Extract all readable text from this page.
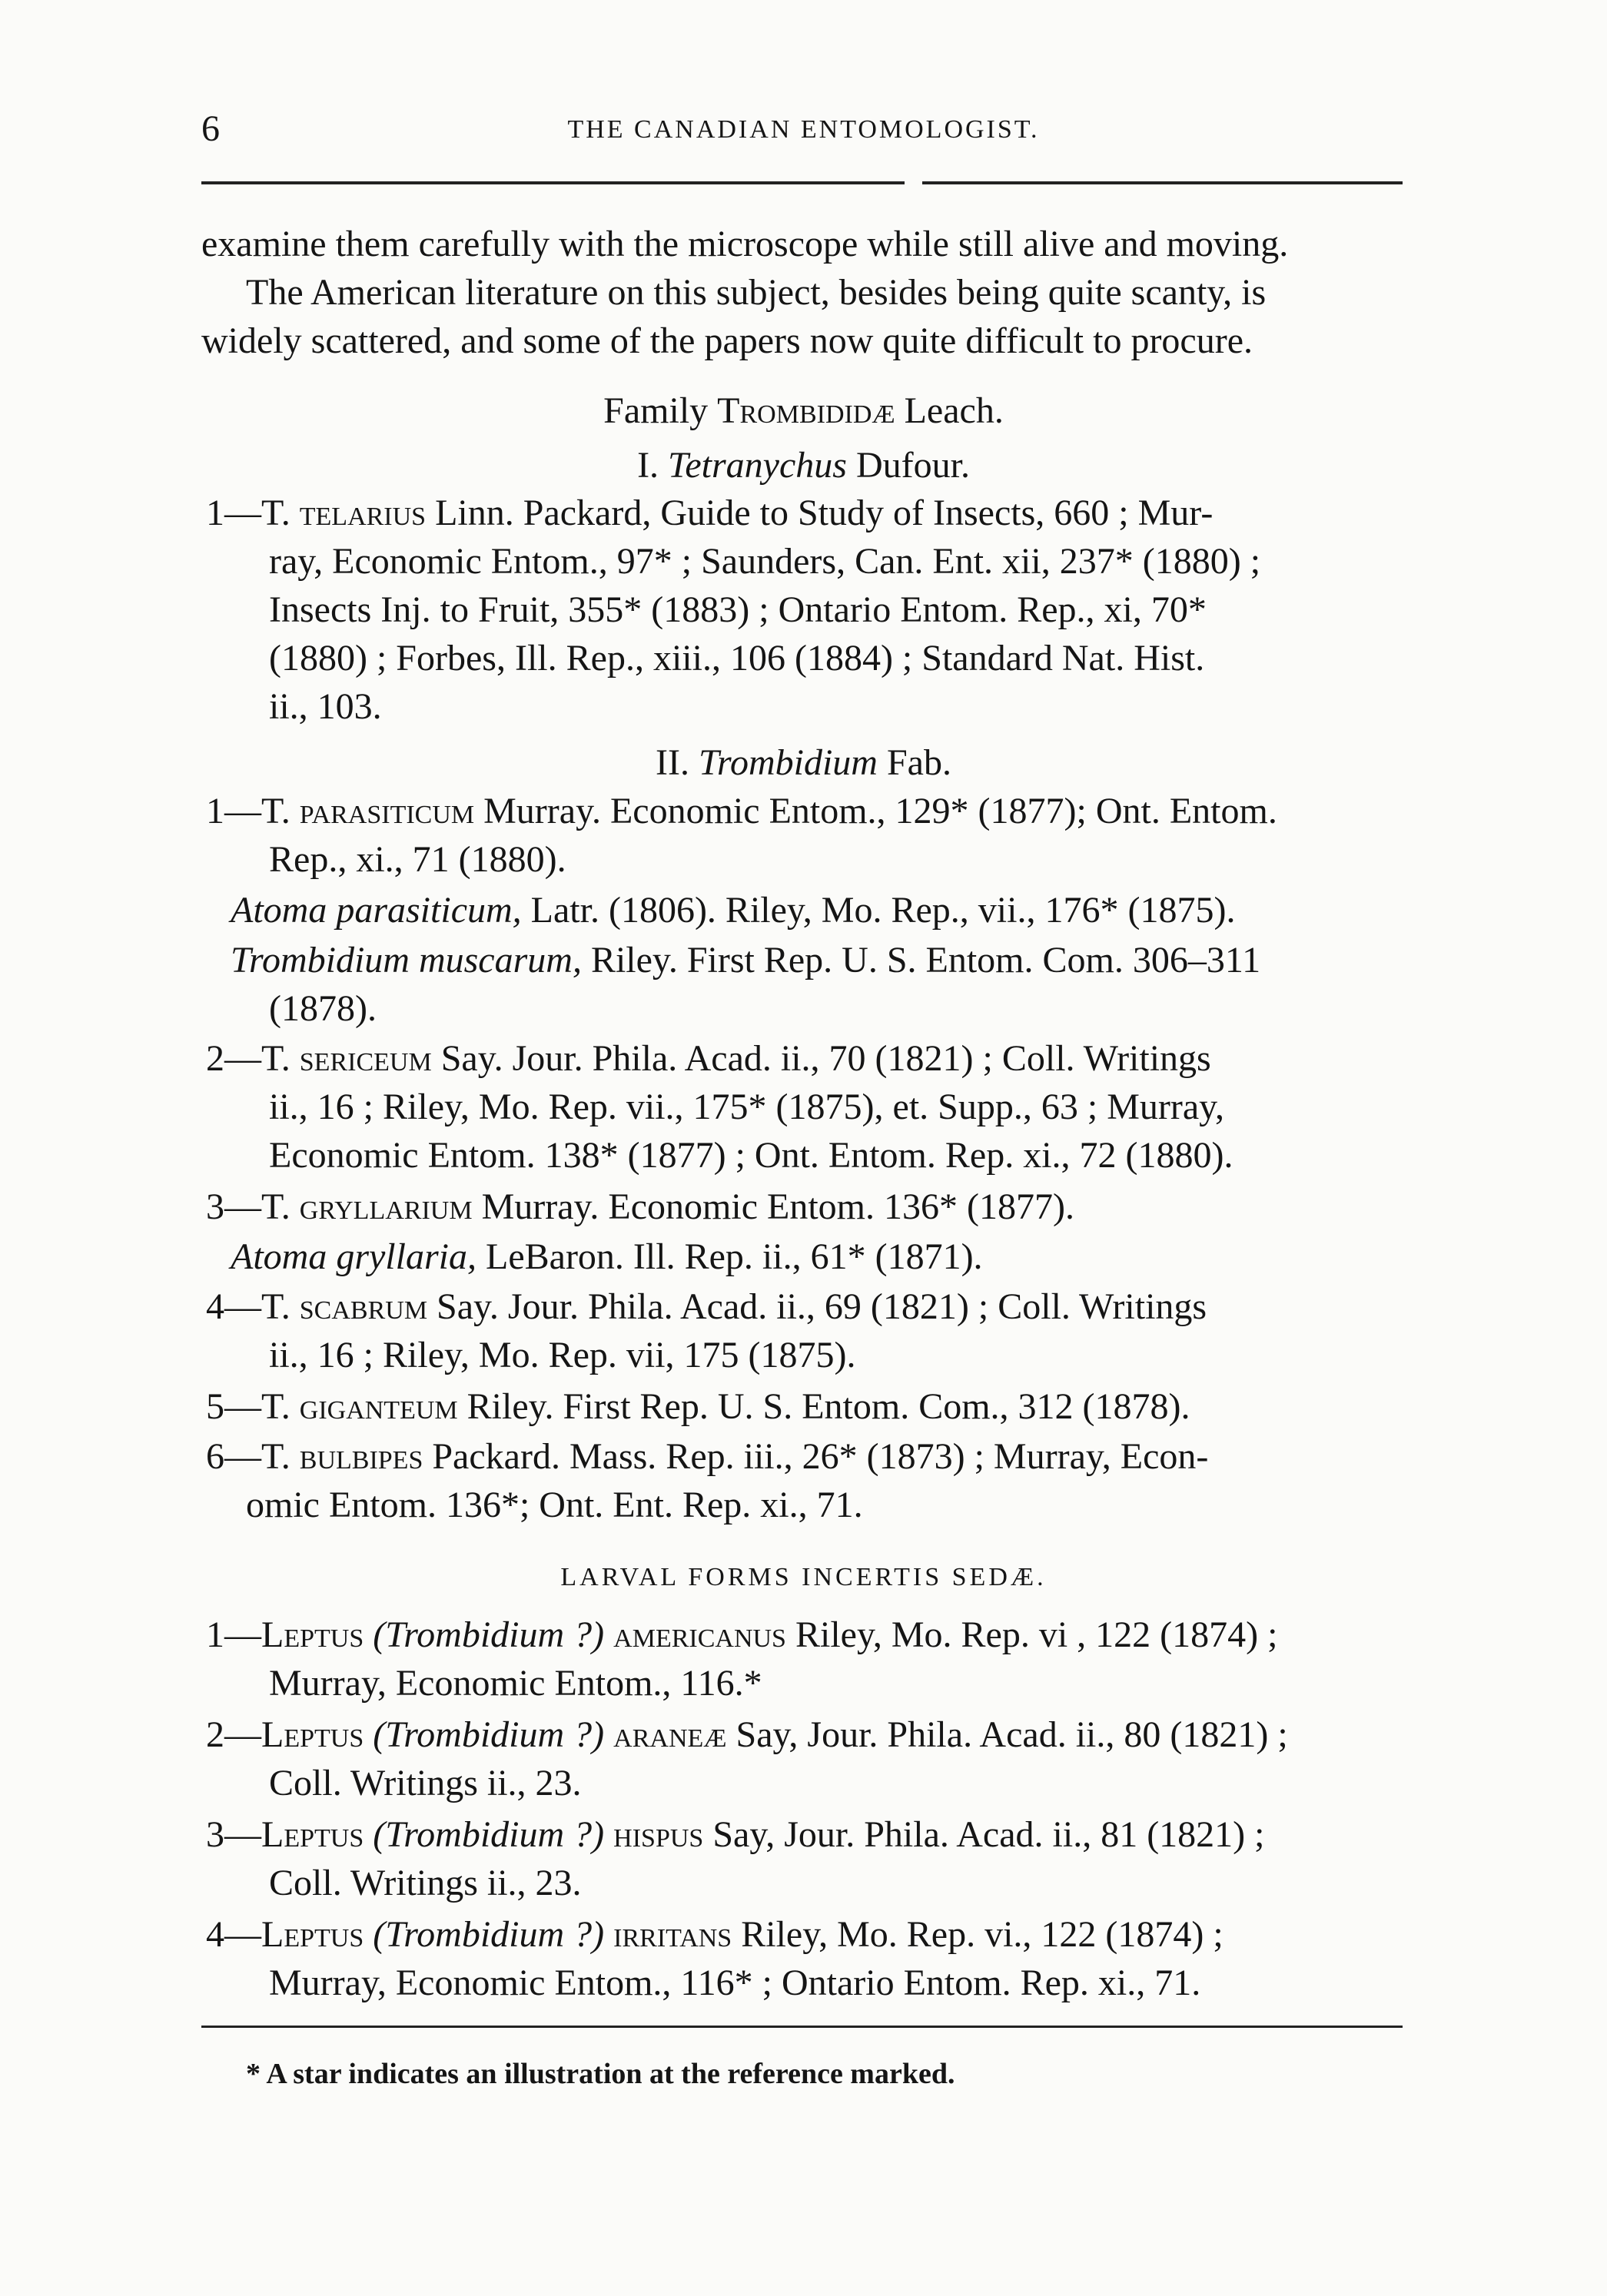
6	THE CANADIAN ENTOMOLOGIST.
examine them carefully with the microscope while still alive and moving.
The American literature on this subject, besides being quite scanty, is
widely scattered, and some of the papers now quite difficult to procure.
Family Trombididæ Leach.
I. Tetranychus Dufour.
1—T. telarius Linn. Packard, Guide to Study of Insects, 660 ; Mur-
ray, Economic Entom., 97* ; Saunders, Can. Ent. xii, 237* (1880) ;
Insects Inj. to Fruit, 355* (1883) ; Ontario Entom. Rep., xi, 70*
(1880) ; Forbes, Ill. Rep., xiii., 106 (1884) ; Standard Nat. Hist.
ii., 103.
II. Trombidium Fab.
1—T. parasiticum Murray. Economic Entom., 129* (1877); Ont. Entom.
Rep., xi., 71 (1880).
Atoma parasiticum, Latr. (1806). Riley, Mo. Rep., vii., 176* (1875).
Trombidium muscarum, Riley. First Rep. U. S. Entom. Com. 306–311
(1878).
2—T. sericeum Say. Jour. Phila. Acad. ii., 70 (1821) ; Coll. Writings
ii., 16 ; Riley, Mo. Rep. vii., 175* (1875), et. Supp., 63 ; Murray,
Economic Entom. 138* (1877) ; Ont. Entom. Rep. xi., 72 (1880).
3—T. gryllarium Murray. Economic Entom. 136* (1877).
Atoma gryllaria, LeBaron. Ill. Rep. ii., 61* (1871).
4—T. scabrum Say. Jour. Phila. Acad. ii., 69 (1821) ; Coll. Writings
ii., 16 ; Riley, Mo. Rep. vii, 175 (1875).
5—T. giganteum Riley. First Rep. U. S. Entom. Com., 312 (1878).
6—T. bulbipes Packard. Mass. Rep. iii., 26* (1873) ; Murray, Econ-
omic Entom. 136*; Ont. Ent. Rep. xi., 71.
LARVAL FORMS INCERTIS SEDÆ.
1—Leptus (Trombidium ?) americanus Riley, Mo. Rep. vi , 122 (1874) ;
Murray, Economic Entom., 116.*
2—Leptus (Trombidium ?) araneæ Say, Jour. Phila. Acad. ii., 80 (1821) ;
Coll. Writings ii., 23.
3—Leptus (Trombidium ?) hispus Say, Jour. Phila. Acad. ii., 81 (1821) ;
Coll. Writings ii., 23.
4—Leptus (Trombidium ?) irritans Riley, Mo. Rep. vi., 122 (1874) ;
Murray, Economic Entom., 116* ; Ontario Entom. Rep. xi., 71.
* A star indicates an illustration at the reference marked.
